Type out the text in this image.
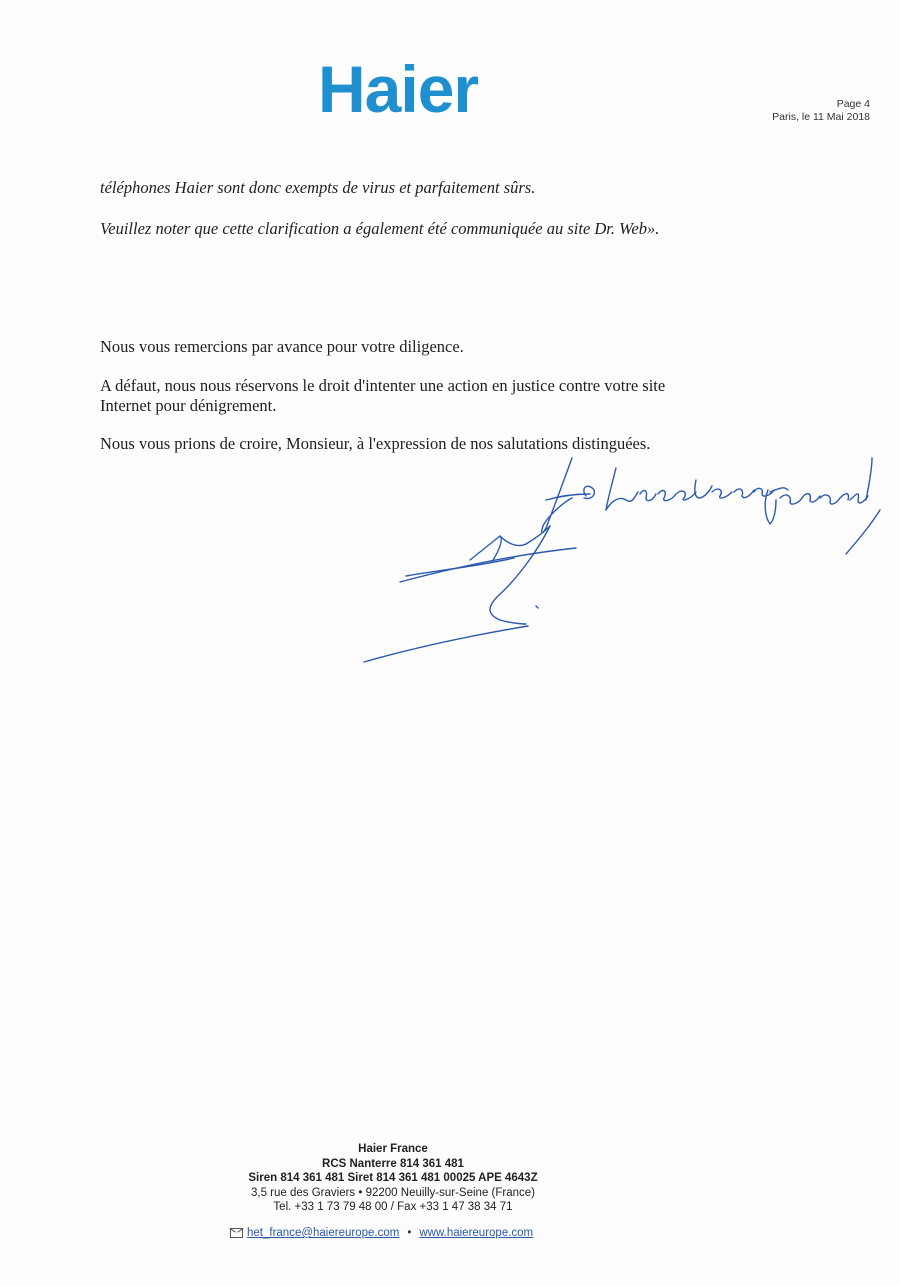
Haier	Page 4
Paris, le 11 Mai 2018
téléphones Haier sont donc exempts de virus et parfaitement sûrs.
Veuillez noter que cette clarification a également été communiquée au site Dr. Web».
Nous vous remercions par avance pour votre diligence.
A défaut, nous nous réservons le droit d'intenter une action en justice contre votre site Internet pour dénigrement.
Nous vous prions de croire, Monsieur, à l'expression de nos salutations distinguées.
Haier France
RCS Nanterre 814 361 481
Siren 814 361 481 Siret 814 361 481 00025 APE 4643Z
3,5 rue des Graviers • 92200 Neuilly-sur-Seine (France)
Tel. +33 1 73 79 48 00 / Fax +33 1 47 38 34 71
het_france@haiereurope.com • www.haiereurope.com
